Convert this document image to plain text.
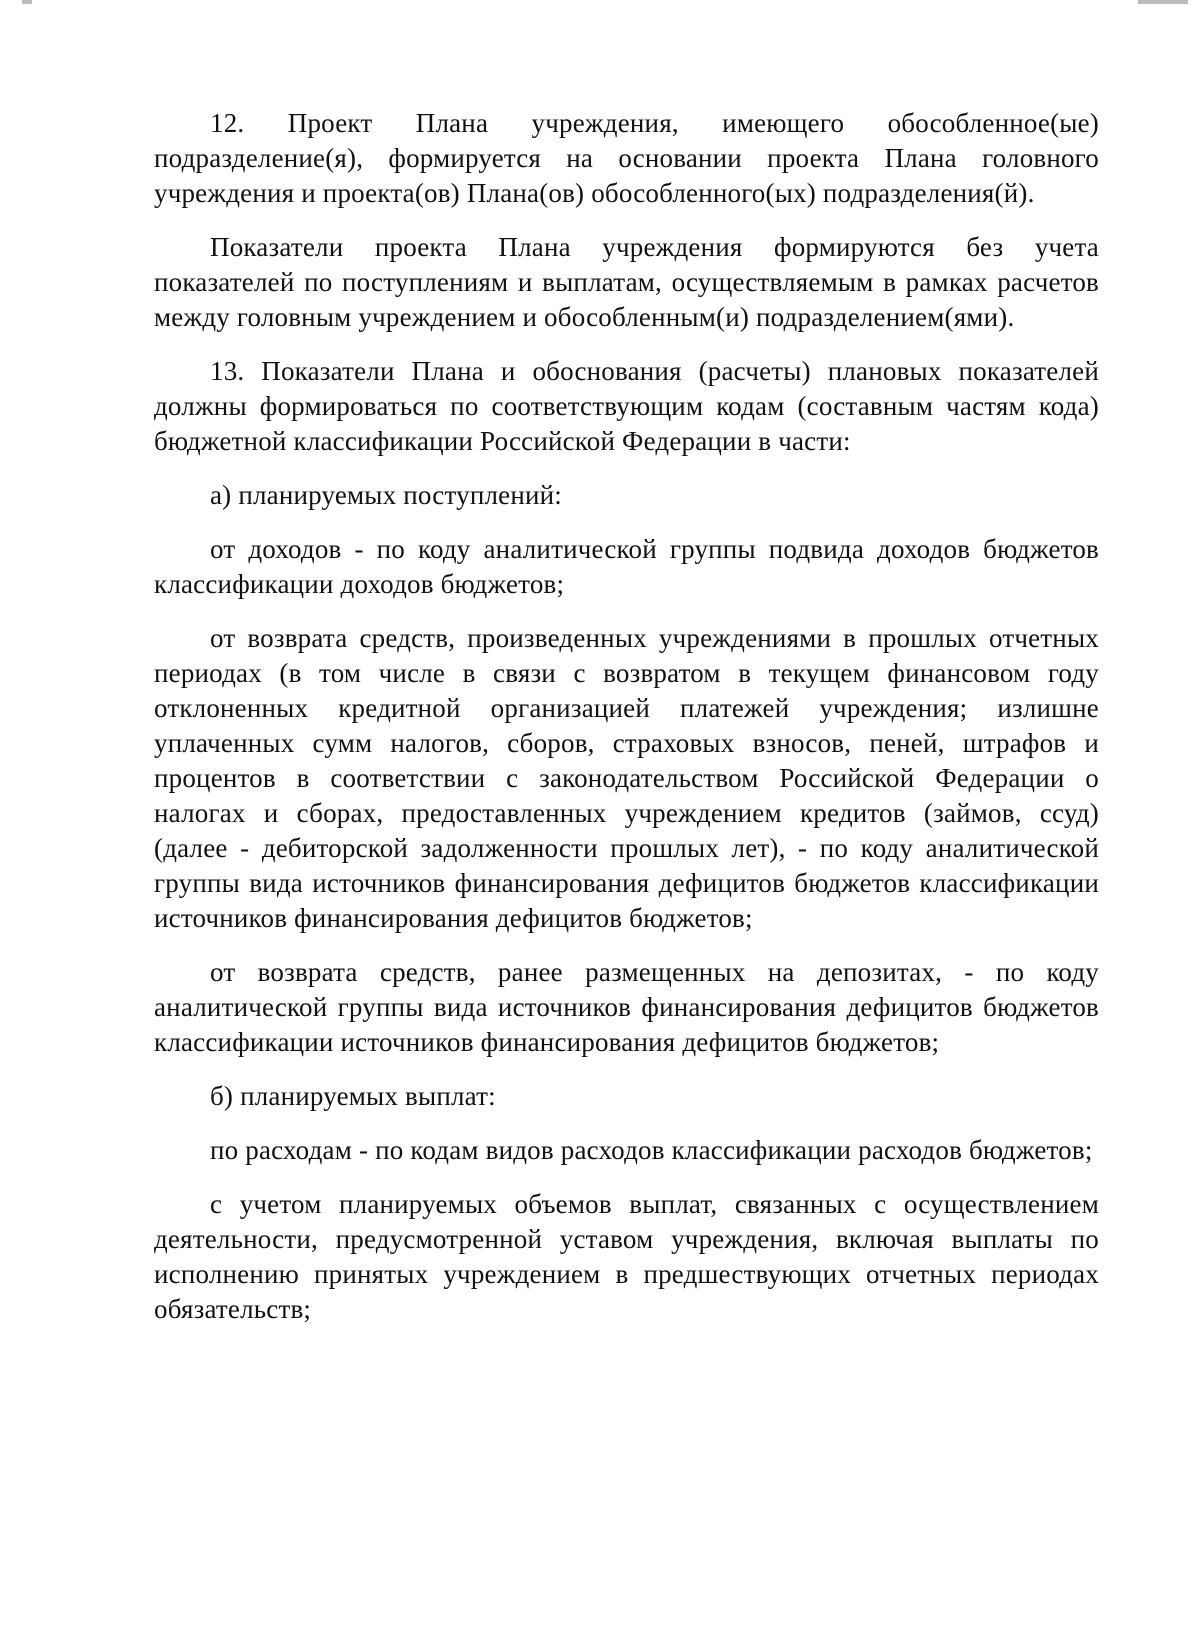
12. Проект Плана учреждения, имеющего обособленное(ые) подразделение(я), формируется на основании проекта Плана головного учреждения и проекта(ов) Плана(ов) обособленного(ых) подразделения(й).

Показатели проекта Плана учреждения формируются без учета показателей по поступлениям и выплатам, осуществляемым в рамках расчетов между головным учреждением и обособленным(и) подразделением(ями).

13. Показатели Плана и обоснования (расчеты) плановых показателей должны формироваться по соответствующим кодам (составным частям кода) бюджетной классификации Российской Федерации в части:

а) планируемых поступлений:

от доходов - по коду аналитической группы подвида доходов бюджетов классификации доходов бюджетов;

от возврата средств, произведенных учреждениями в прошлых отчетных периодах (в том числе в связи с возвратом в текущем финансовом году отклоненных кредитной организацией платежей учреждения; излишне уплаченных сумм налогов, сборов, страховых взносов, пеней, штрафов и процентов в соответствии с законодательством Российской Федерации о налогах и сборах, предоставленных учреждением кредитов (займов, ссуд) (далее - дебиторской задолженности прошлых лет), - по коду аналитической группы вида источников финансирования дефицитов бюджетов классификации источников финансирования дефицитов бюджетов;

от возврата средств, ранее размещенных на депозитах, - по коду аналитической группы вида источников финансирования дефицитов бюджетов классификации источников финансирования дефицитов бюджетов;

б) планируемых выплат:

по расходам - по кодам видов расходов классификации расходов бюджетов;

с учетом планируемых объемов выплат, связанных с осуществлением деятельности, предусмотренной уставом учреждения, включая выплаты по исполнению принятых учреждением в предшествующих отчетных периодах обязательств;
